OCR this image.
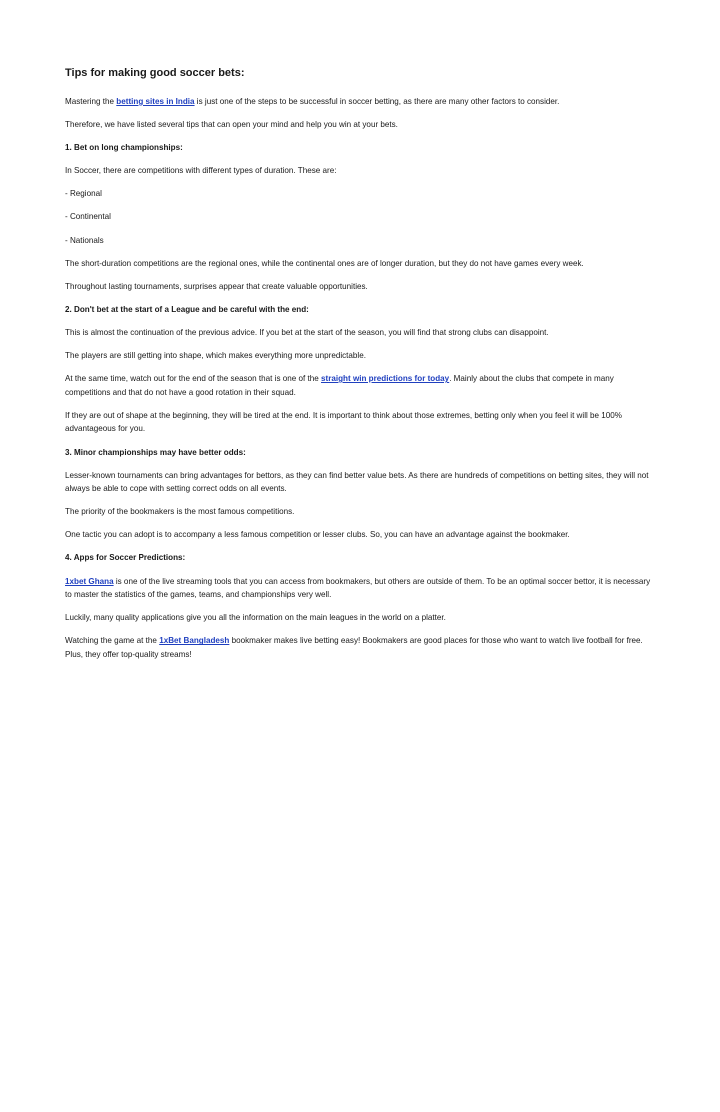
Tips for making good soccer bets:

Mastering the betting sites in India is just one of the steps to be successful in soccer betting, as there are many other factors to consider.

Therefore, we have listed several tips that can open your mind and help you win at your bets.

1. Bet on long championships:

In Soccer, there are competitions with different types of duration. These are:

- Regional

- Continental

- Nationals

The short-duration competitions are the regional ones, while the continental ones are of longer duration, but they do not have games every week.

Throughout lasting tournaments, surprises appear that create valuable opportunities.

2. Don't bet at the start of a League and be careful with the end:

This is almost the continuation of the previous advice. If you bet at the start of the season, you will find that strong clubs can disappoint.

The players are still getting into shape, which makes everything more unpredictable.

At the same time, watch out for the end of the season that is one of the straight win predictions for today. Mainly about the clubs that compete in many competitions and that do not have a good rotation in their squad.

If they are out of shape at the beginning, they will be tired at the end. It is important to think about those extremes, betting only when you feel it will be 100% advantageous for you.

3. Minor championships may have better odds:

Lesser-known tournaments can bring advantages for bettors, as they can find better value bets. As there are hundreds of competitions on betting sites, they will not always be able to cope with setting correct odds on all events.

The priority of the bookmakers is the most famous competitions.

One tactic you can adopt is to accompany a less famous competition or lesser clubs. So, you can have an advantage against the bookmaker.

4. Apps for Soccer Predictions:

1xbet Ghana is one of the live streaming tools that you can access from bookmakers, but others are outside of them. To be an optimal soccer bettor, it is necessary to master the statistics of the games, teams, and championships very well.

Luckily, many quality applications give you all the information on the main leagues in the world on a platter.

Watching the game at the 1xBet Bangladesh bookmaker makes live betting easy! Bookmakers are good places for those who want to watch live football for free. Plus, they offer top-quality streams!
